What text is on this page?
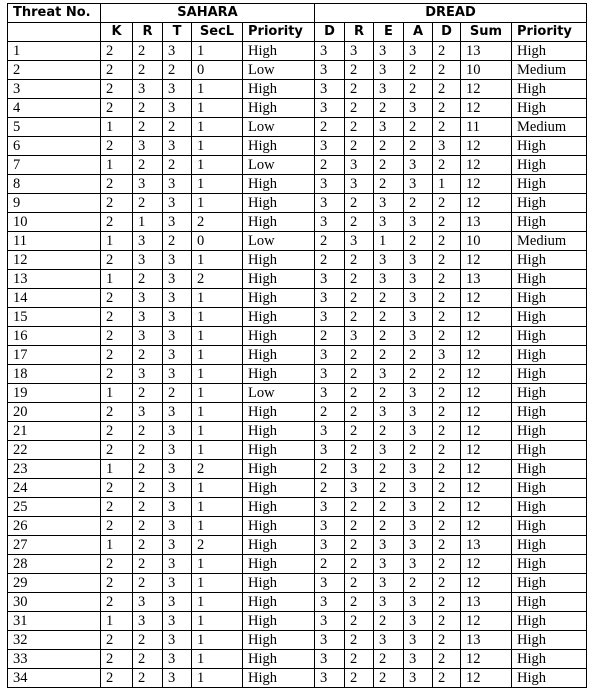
Threat No.	SAHARA					DREAD						
	K	R	T	SecL	Priority	D	R	E	A	D	Sum	Priority
1	2	2	3	1	High	3	3	3	3	2	13	High
2	2	2	2	0	Low	3	2	3	2	2	10	Medium
3	2	3	3	1	High	3	2	3	2	2	12	High
4	2	2	3	1	High	3	2	2	3	2	12	High
5	1	2	2	1	Low	2	2	3	2	2	11	Medium
6	2	3	3	1	High	3	2	2	2	3	12	High
7	1	2	2	1	Low	2	3	2	3	2	12	High
8	2	3	3	1	High	3	3	2	3	1	12	High
9	2	2	3	1	High	3	2	3	2	2	12	High
10	2	1	3	2	High	3	2	3	3	2	13	High
11	1	3	2	0	Low	2	3	1	2	2	10	Medium
12	2	3	3	1	High	2	2	3	3	2	12	High
13	1	2	3	2	High	3	2	3	3	2	13	High
14	2	3	3	1	High	3	2	2	3	2	12	High
15	2	3	3	1	High	3	2	2	3	2	12	High
16	2	3	3	1	High	2	3	2	3	2	12	High
17	2	2	3	1	High	3	2	2	2	3	12	High
18	2	3	3	1	High	3	2	3	2	2	12	High
19	1	2	2	1	Low	3	2	2	3	2	12	High
20	2	3	3	1	High	2	2	3	3	2	12	High
21	2	2	3	1	High	3	2	2	3	2	12	High
22	2	2	3	1	High	3	2	3	2	2	12	High
23	1	2	3	2	High	2	3	2	3	2	12	High
24	2	2	3	1	High	2	3	2	3	2	12	High
25	2	2	3	1	High	3	2	2	3	2	12	High
26	2	2	3	1	High	3	2	2	3	2	12	High
27	1	2	3	2	High	3	2	3	3	2	13	High
28	2	2	3	1	High	2	2	3	3	2	12	High
29	2	2	3	1	High	3	2	3	2	2	12	High
30	2	3	3	1	High	3	2	3	3	2	13	High
31	1	3	3	1	High	3	2	2	3	2	12	High
32	2	2	3	1	High	3	2	3	3	2	13	High
33	2	2	3	1	High	3	2	2	3	2	12	High
34	2	2	3	1	High	3	2	2	3	2	12	High
